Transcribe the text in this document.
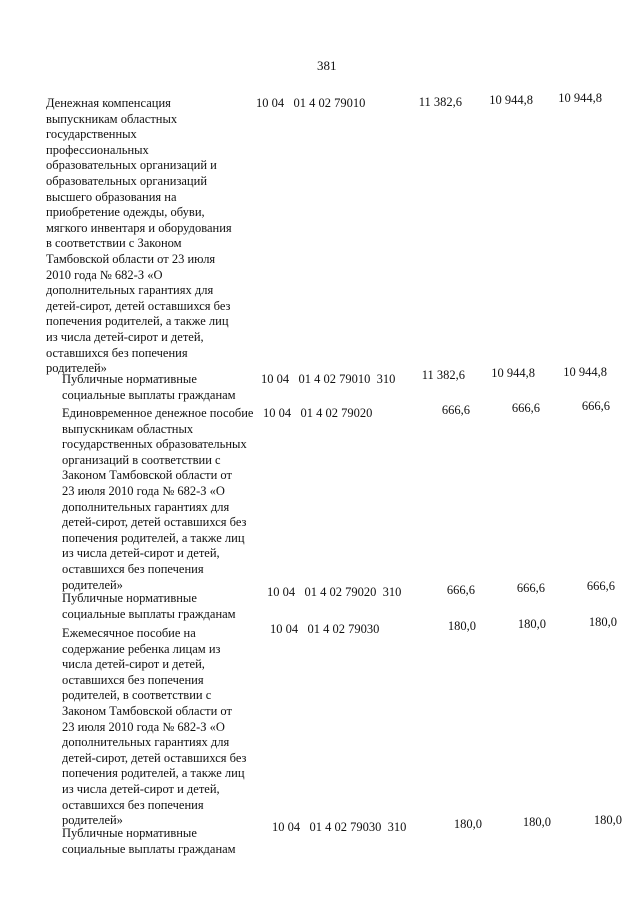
381
Денежная компенсация
выпускникам областных
государственных
профессиональных
образовательных организаций и
образовательных организаций
высшего образования на
приобретение одежды, обуви,
мягкого инвентаря и оборудования
в соответствии с Законом
Тамбовской области от 23 июля
2010 года № 682-З «О
дополнительных гарантиях для
детей-сирот, детей оставшихся без
попечения родителей, а также лиц
из числа детей-сирот и детей,
оставшихся без попечения
родителей»
10 04   01 4 02 79010	11 382,6	10 944,8	10 944,8
Публичные нормативные
социальные выплаты гражданам
10 04   01 4 02 79010  310	11 382,6	10 944,8	10 944,8
Единовременное денежное пособие
выпускникам областных
государственных образовательных
организаций в соответствии с
Законом Тамбовской области от
23 июля 2010 года № 682-З «О
дополнительных гарантиях для
детей-сирот, детей оставшихся без
попечения родителей, а также лиц
из числа детей-сирот и детей,
оставшихся без попечения
родителей»
10 04   01 4 02 79020	666,6	666,6	666,6
Публичные нормативные
социальные выплаты гражданам
10 04   01 4 02 79020  310	666,6	666,6	666,6
Ежемесячное пособие на
содержание ребенка лицам из
числа детей-сирот и детей,
оставшихся без попечения
родителей, в соответствии с
Законом Тамбовской области от
23 июля 2010 года № 682-З «О
дополнительных гарантиях для
детей-сирот, детей оставшихся без
попечения родителей, а также лиц
из числа детей-сирот и детей,
оставшихся без попечения
родителей»
10 04   01 4 02 79030	180,0	180,0	180,0
Публичные нормативные
социальные выплаты гражданам
10 04   01 4 02 79030  310	180,0	180,0	180,0
